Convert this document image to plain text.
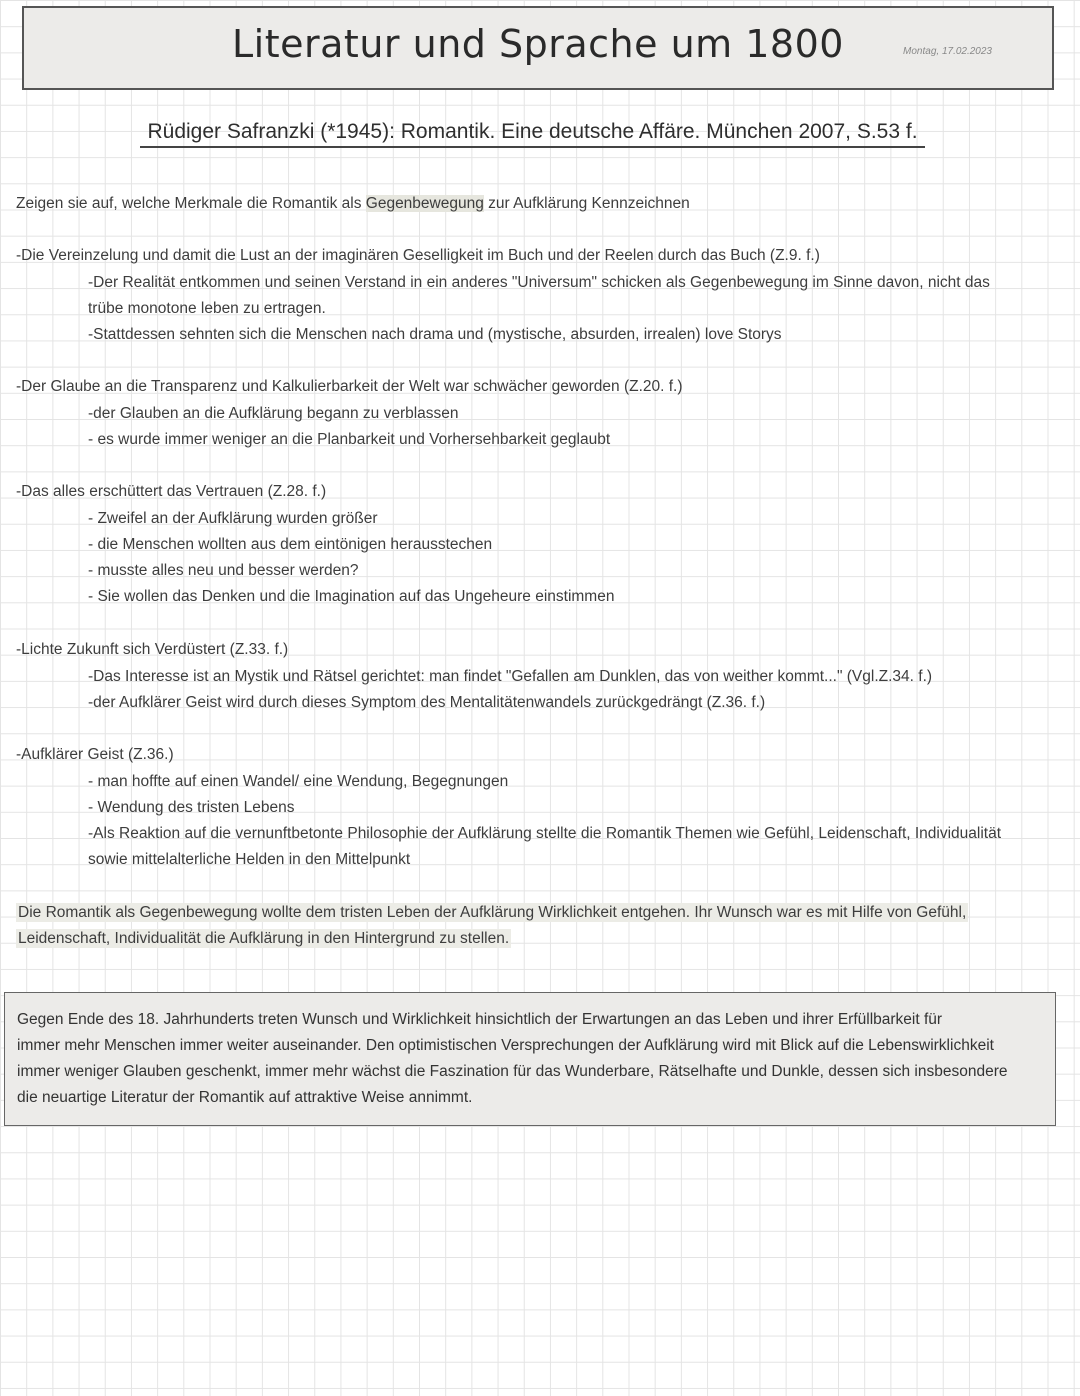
Literatur und Sprache um 1800	Montag, 17.02.2023
Rüdiger Safranzki (*1945): Romantik. Eine deutsche Affäre. München 2007, S.53 f.
Zeigen sie auf, welche Merkmale die Romantik als Gegenbewegung zur Aufklärung Kennzeichnen
-Die Vereinzelung und damit die Lust an der imaginären Geselligkeit im Buch und der Reelen durch das Buch (Z.9. f.)
-Der Realität entkommen und seinen Verstand in ein anderes "Universum" schicken als Gegenbewegung im Sinne davon, nicht das
trübe monotone leben zu ertragen.
-Stattdessen sehnten sich die Menschen nach drama und (mystische, absurden, irrealen) love Storys
-Der Glaube an die Transparenz und Kalkulierbarkeit der Welt war schwächer geworden (Z.20. f.)
-der Glauben an die Aufklärung begann zu verblassen
- es wurde immer weniger an die Planbarkeit und Vorhersehbarkeit geglaubt
-Das alles erschüttert das Vertrauen (Z.28. f.)
- Zweifel an der Aufklärung wurden größer
- die Menschen wollten aus dem eintönigen herausstechen
- musste alles neu und besser werden?
- Sie wollen das Denken und die Imagination auf das Ungeheure einstimmen
-Lichte Zukunft sich Verdüstert (Z.33. f.)
-Das Interesse ist an Mystik und Rätsel gerichtet: man findet "Gefallen am Dunklen, das von weither kommt..." (Vgl.Z.34. f.)
-der Aufklärer Geist wird durch dieses Symptom des Mentalitätenwandels zurückgedrängt (Z.36. f.)
-Aufklärer Geist (Z.36.)
- man hoffte auf einen Wandel/ eine Wendung, Begegnungen
- Wendung des tristen Lebens
-Als Reaktion auf die vernunftbetonte Philosophie der Aufklärung stellte die Romantik Themen wie Gefühl, Leidenschaft, Individualität
sowie mittelalterliche Helden in den Mittelpunkt
Die Romantik als Gegenbewegung wollte dem tristen Leben der Aufklärung Wirklichkeit entgehen. Ihr Wunsch war es mit Hilfe von Gefühl,
Leidenschaft, Individualität die Aufklärung in den Hintergrund zu stellen.
Gegen Ende des 18. Jahrhunderts treten Wunsch und Wirklichkeit hinsichtlich der Erwartungen an das Leben und ihrer Erfüllbarkeit für
immer mehr Menschen immer weiter auseinander. Den optimistischen Versprechungen der Aufklärung wird mit Blick auf die Lebenswirklichkeit
immer weniger Glauben geschenkt, immer mehr wächst die Faszination für das Wunderbare, Rätselhafte und Dunkle, dessen sich insbesondere
die neuartige Literatur der Romantik auf attraktive Weise annimmt.
